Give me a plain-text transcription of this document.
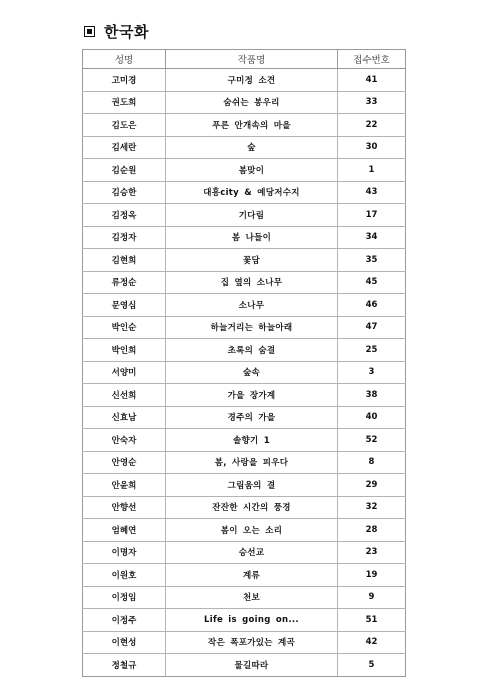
한국화
성명	작품명	접수번호
고미경	구미정 소견	41
권도희	숨쉬는 봉우리	33
김도은	푸른 안개속의 마을	22
김세란	숲	30
김순원	봄맞이	1
김승한	대흥city & 예당저수지	43
김정옥	기다림	17
김정자	봄 나들이	34
김현희	꽃담	35
류정순	집 옆의 소나무	45
문영심	소나무	46
박인순	하늘거리는 하늘아래	47
박인희	초록의 숨결	25
서양미	숲속	3
신선희	가을 장가계	38
신효남	경주의 가을	40
안숙자	솔향기 1	52
안영순	봄, 사랑을 피우다	8
안윤희	그림움의 결	29
안향선	잔잔한 시간의 풍경	32
엄혜연	봄이 오는 소리	28
이명자	승선교	23
이원호	계류	19
이정임	천보	9
이정주	Life is going on...	51
이현성	작은 폭포가있는 계곡	42
정철규	물길따라	5
